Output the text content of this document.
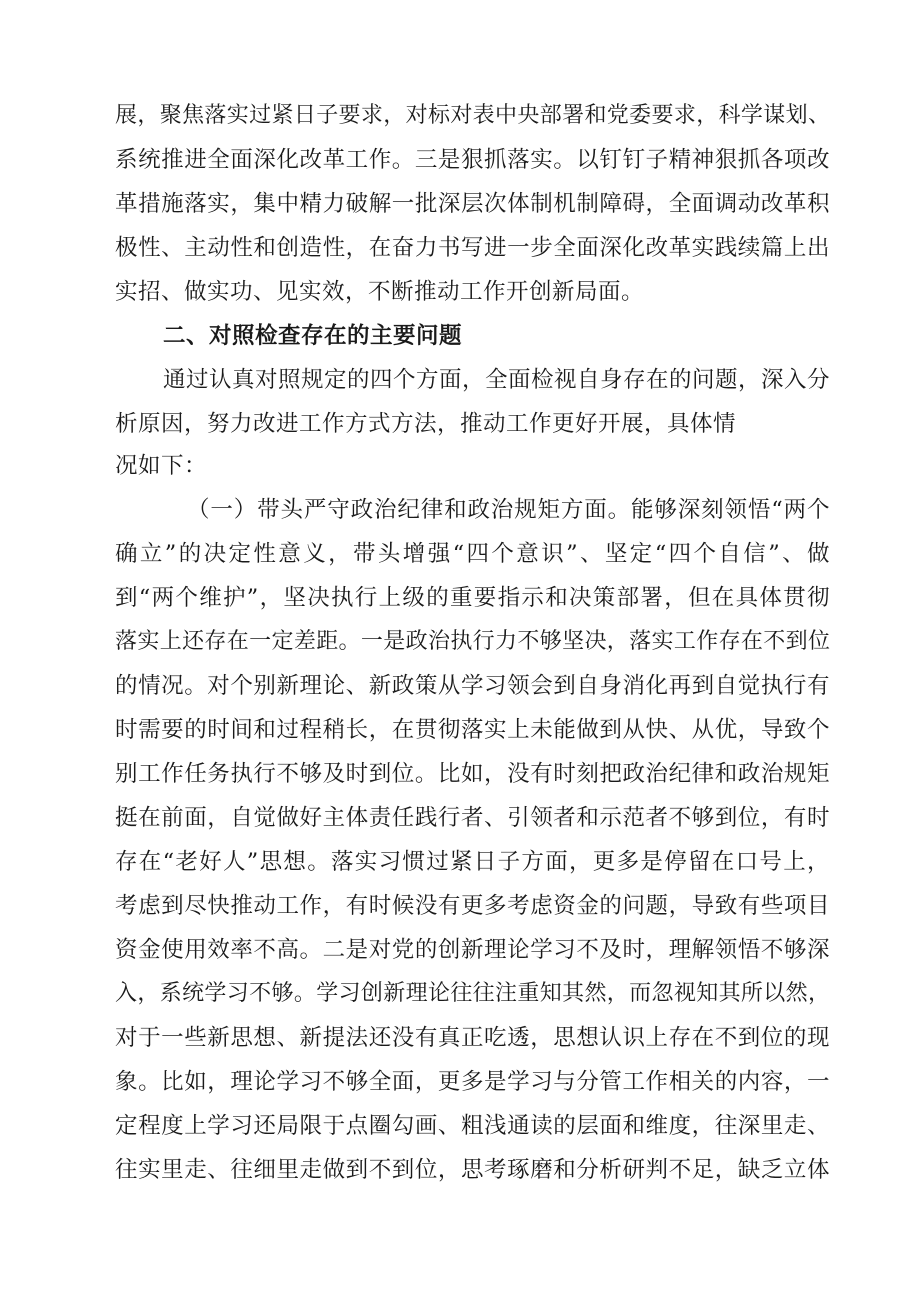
展，聚焦落实过紧日子要求，对标对表中央部署和党委要求，科学谋划、
系统推进全面深化改革工作。三是狠抓落实。以钉钉子精神狠抓各项改
革措施落实，集中精力破解一批深层次体制机制障碍，全面调动改革积
极性、主动性和创造性，在奋力书写进一步全面深化改革实践续篇上出
实招、做实功、见实效，不断推动工作开创新局面。
二、对照检查存在的主要问题
通过认真对照规定的四个方面，全面检视自身存在的问题，深入分
析原因，努力改进工作方式方法，推动工作更好开展，具体情
况如下：
（一）带头严守政治纪律和政治规矩方面。能够深刻领悟“两个
确立”的决定性意义，带头增强“四个意识”、坚定“四个自信”、做
到“两个维护”，坚决执行上级的重要指示和决策部署，但在具体贯彻
落实上还存在一定差距。一是政治执行力不够坚决，落实工作存在不到位
的情况。对个别新理论、新政策从学习领会到自身消化再到自觉执行有
时需要的时间和过程稍长，在贯彻落实上未能做到从快、从优，导致个
别工作任务执行不够及时到位。比如，没有时刻把政治纪律和政治规矩
挺在前面，自觉做好主体责任践行者、引领者和示范者不够到位，有时
存在“老好人”思想。落实习惯过紧日子方面，更多是停留在口号上，
考虑到尽快推动工作，有时候没有更多考虑资金的问题，导致有些项目
资金使用效率不高。二是对党的创新理论学习不及时，理解领悟不够深
入，系统学习不够。学习创新理论往往注重知其然，而忽视知其所以然，
对于一些新思想、新提法还没有真正吃透，思想认识上存在不到位的现
象。比如，理论学习不够全面，更多是学习与分管工作相关的内容，一
定程度上学习还局限于点圈勾画、粗浅通读的层面和维度，往深里走、
往实里走、往细里走做到不到位，思考琢磨和分析研判不足，缺乏立体
